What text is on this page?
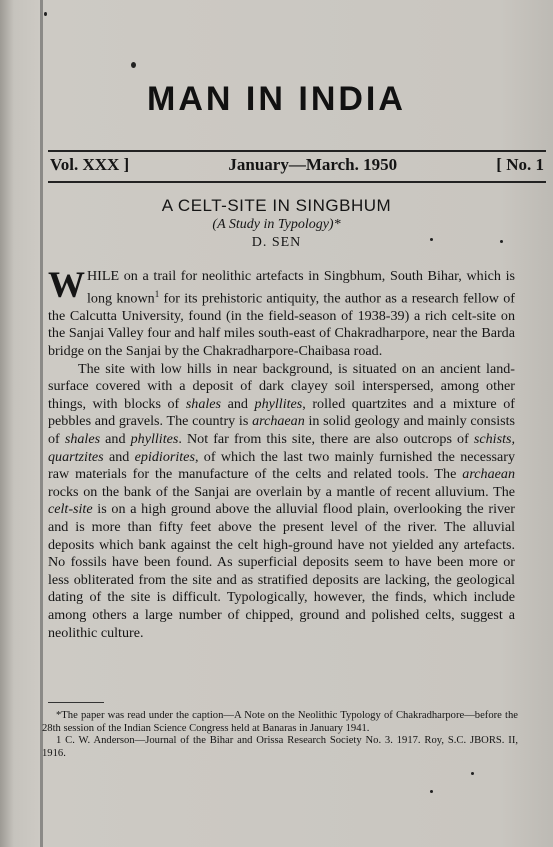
MAN IN INDIA
Vol. XXX ]	January—March. 1950	[ No. 1
A CELT-SITE IN SINGBHUM
(A Study in Typology)*
D. SEN

WHILE on a trail for neolithic artefacts in Singbhum, South Bihar, which is long known$^1$ for its prehistoric antiquity, the author as a research fellow of the Calcutta University, found (in the field-season of 1938-39) a rich celt-site on the Sanjai Valley four and half miles south-east of Chakradharpore, near the Barda bridge on the Sanjai by the Chakradharpore-Chaibasa road.

The site with low hills in near background, is situated on an ancient land-surface covered with a deposit of dark clayey soil interspersed, among other things, with blocks of shales and phyllites, rolled quartzites and a mixture of pebbles and gravels. The country is archaean in solid geology and mainly consists of shales and phyllites. Not far from this site, there are also outcrops of schists, quartzites and epidiorites, of which the last two mainly furnished the necessary raw materials for the manufacture of the celts and related tools. The archaean rocks on the bank of the Sanjai are overlain by a mantle of recent alluvium. The celt-site is on a high ground above the alluvial flood plain, overlooking the river and is more than fifty feet above the present level of the river. The alluvial deposits which bank against the celt high-ground have not yielded any artefacts. No fossils have been found. As superficial deposits seem to have been more or less obliterated from the site and as stratified deposits are lacking, the geological dating of the site is difficult. Typologically, however, the finds, which include among others a large number of chipped, ground and polished celts, suggest a neolithic culture.

*The paper was read under the caption—A Note on the Neolithic Typology of Chakradharpore—before the 28th session of the Indian Science Congress held at Banaras in January 1941.

1 C. W. Anderson—Journal of the Bihar and Orissa Research Society No. 3. 1917. Roy, S.C. JBORS. II, 1916.
